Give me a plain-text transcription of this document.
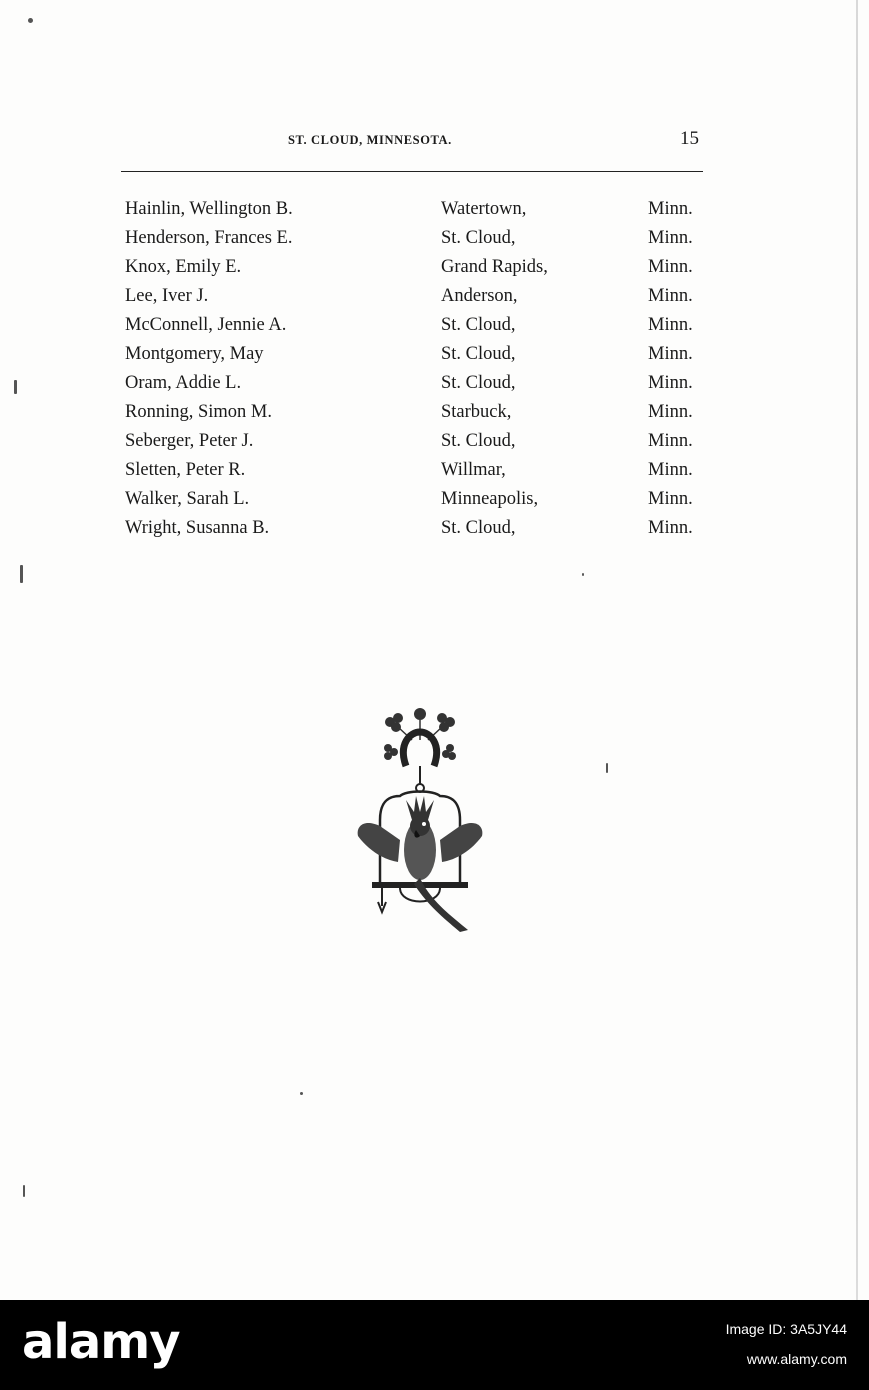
ST. CLOUD, MINNESOTA.	15
Hainlin, Wellington B.	Watertown,	Minn.
Henderson, Frances E.	St. Cloud,	Minn.
Knox, Emily E.	Grand Rapids,	Minn.
Lee, Iver J.	Anderson,	Minn.
McConnell, Jennie A.	St. Cloud,	Minn.
Montgomery, May	St. Cloud,	Minn.
Oram, Addie L.	St. Cloud,	Minn.
Ronning, Simon M.	Starbuck,	Minn.
Seberger, Peter J.	St. Cloud,	Minn.
Sletten, Peter R.	Willmar,	Minn.
Walker, Sarah L.	Minneapolis,	Minn.
Wright, Susanna B.	St. Cloud,	Minn.
alamy	Image ID: 3A5JY44
www.alamy.com
